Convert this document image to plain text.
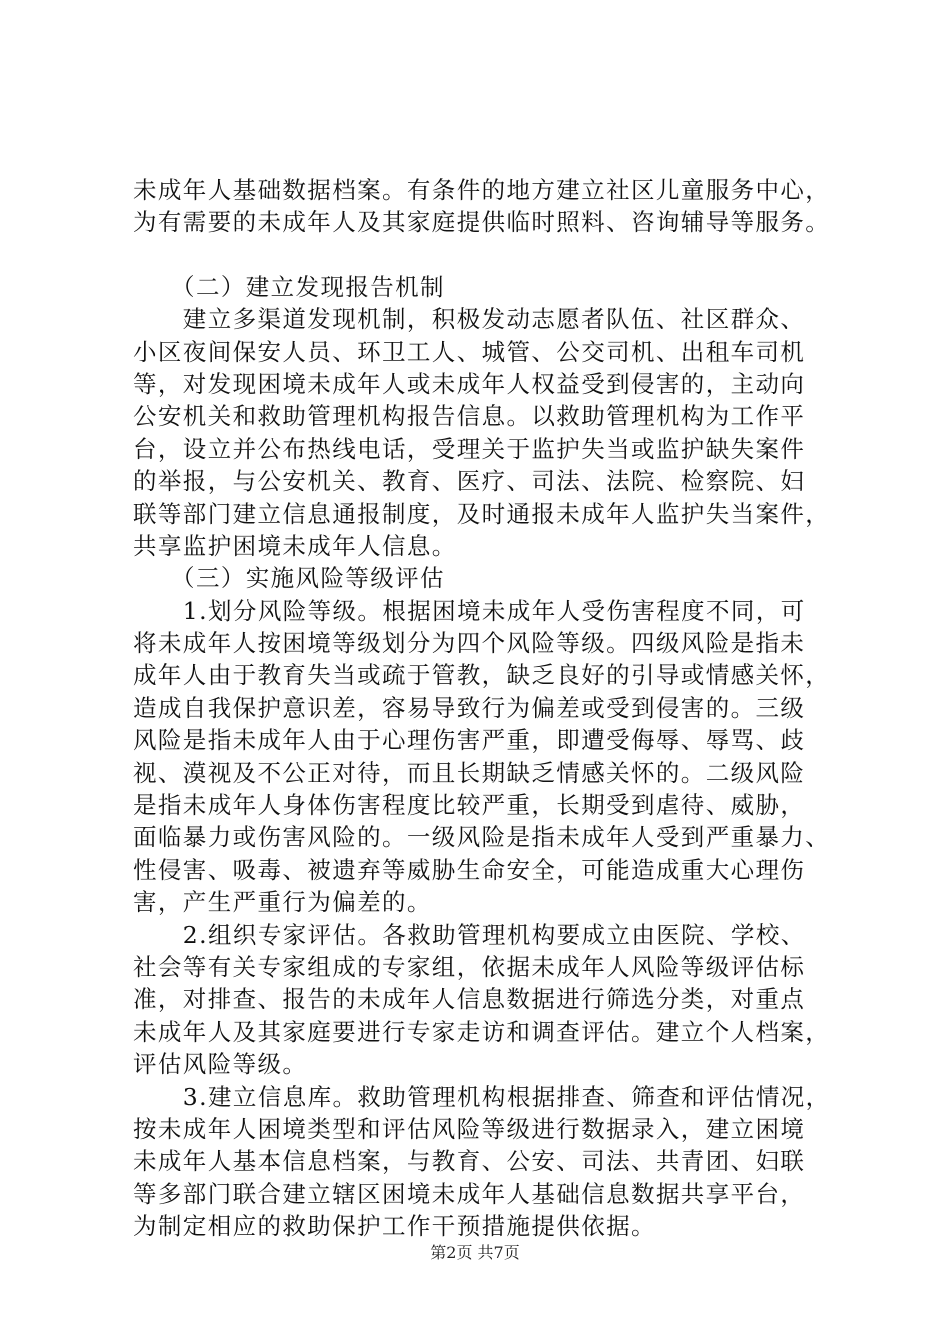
未成年人基础数据档案。有条件的地方建立社区儿童服务中心，
为有需要的未成年人及其家庭提供临时照料、咨询辅导等服务。
　　（二）建立发现报告机制
　　建立多渠道发现机制，积极发动志愿者队伍、社区群众、
小区夜间保安人员、环卫工人、城管、公交司机、出租车司机
等，对发现困境未成年人或未成年人权益受到侵害的，主动向
公安机关和救助管理机构报告信息。以救助管理机构为工作平
台，设立并公布热线电话，受理关于监护失当或监护缺失案件
的举报，与公安机关、教育、医疗、司法、法院、检察院、妇
联等部门建立信息通报制度，及时通报未成年人监护失当案件，
共享监护困境未成年人信息。
　　（三）实施风险等级评估
　　1.划分风险等级。根据困境未成年人受伤害程度不同，可
将未成年人按困境等级划分为四个风险等级。四级风险是指未
成年人由于教育失当或疏于管教，缺乏良好的引导或情感关怀，
造成自我保护意识差，容易导致行为偏差或受到侵害的。三级
风险是指未成年人由于心理伤害严重，即遭受侮辱、辱骂、歧
视、漠视及不公正对待，而且长期缺乏情感关怀的。二级风险
是指未成年人身体伤害程度比较严重，长期受到虐待、威胁，
面临暴力或伤害风险的。一级风险是指未成年人受到严重暴力、
性侵害、吸毒、被遗弃等威胁生命安全，可能造成重大心理伤
害，产生严重行为偏差的。
　　2.组织专家评估。各救助管理机构要成立由医院、学校、
社会等有关专家组成的专家组，依据未成年人风险等级评估标
准，对排查、报告的未成年人信息数据进行筛选分类，对重点
未成年人及其家庭要进行专家走访和调查评估。建立个人档案，
评估风险等级。
　　3.建立信息库。救助管理机构根据排查、筛查和评估情况，
按未成年人困境类型和评估风险等级进行数据录入，建立困境
未成年人基本信息档案，与教育、公安、司法、共青团、妇联
等多部门联合建立辖区困境未成年人基础信息数据共享平台，
为制定相应的救助保护工作干预措施提供依据。
第2页 共7页
